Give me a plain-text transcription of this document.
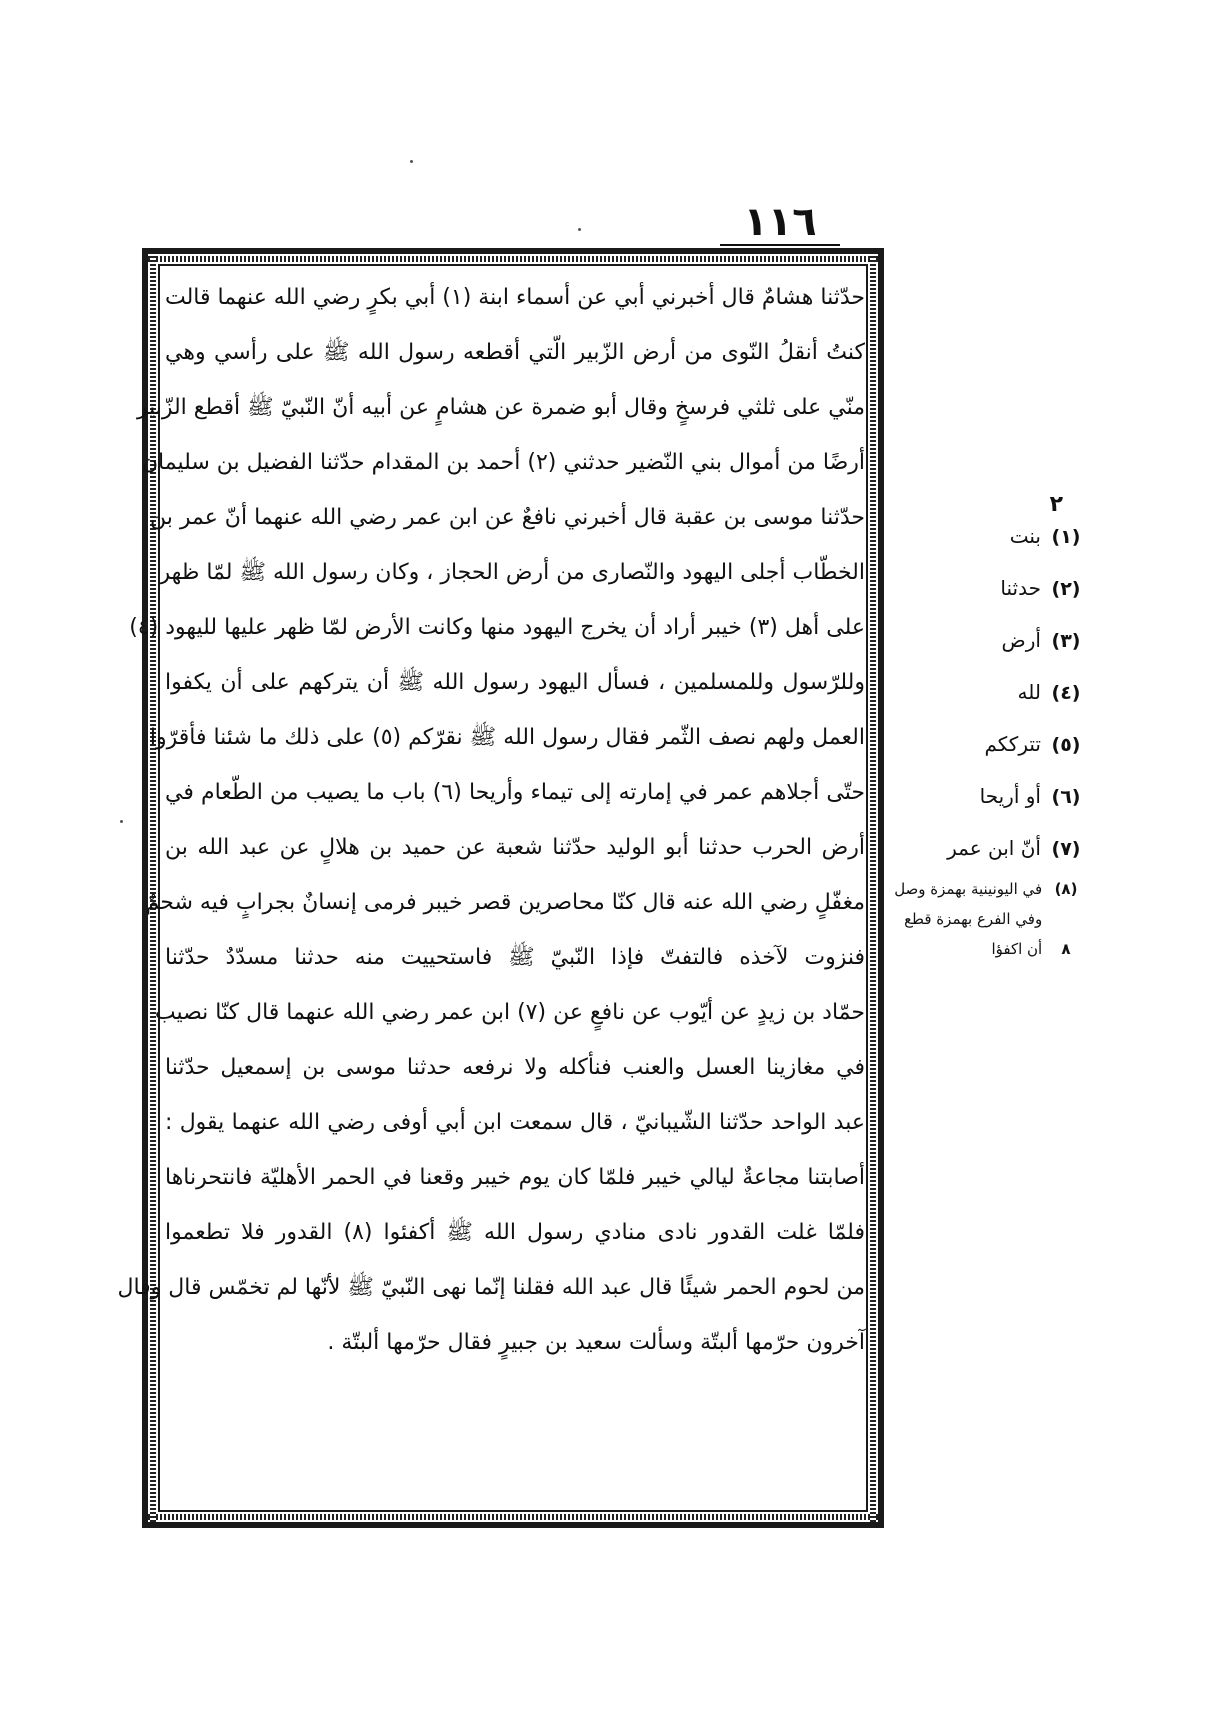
١١٦
حدّثنا هشامٌ قال أخبرني أبي عن أسماء ابنة (١) أبي بكرٍ رضي الله عنهما قالت
كنتُ أنقلُ النّوى من أرض الزّبير الّتي أقطعه رسول الله ﷺ على رأسي وهي
منّي على ثلثي فرسخٍ وقال أبو ضمرة عن هشامٍ عن أبيه أنّ النّبيّ ﷺ أقطع الزّبير
أرضًا من أموال بني النّضير حدثني (٢) أحمد بن المقدام حدّثنا الفضيل بن سليمان
حدّثنا موسى بن عقبة قال أخبرني نافعٌ عن ابن عمر رضي الله عنهما أنّ عمر بن
الخطّاب أجلى اليهود والنّصارى من أرض الحجاز ، وكان رسول الله ﷺ لمّا ظهر
على أهل (٣) خيبر أراد أن يخرج اليهود منها وكانت الأرض لمّا ظهر عليها لليهود (٤)
وللرّسول وللمسلمين ، فسأل اليهود رسول الله ﷺ أن يتركهم على أن يكفوا
العمل ولهم نصف الثّمر فقال رسول الله ﷺ نقرّكم (٥) على ذلك ما شئنا فأقرّوا
حتّى أجلاهم عمر في إمارته إلى تيماء وأريحا (٦) باب ما يصيب من الطّعام في
أرض الحرب حدثنا أبو الوليد حدّثنا شعبة عن حميد بن هلالٍ عن عبد الله بن
مغفّلٍ رضي الله عنه قال كنّا محاصرين قصر خيبر فرمى إنسانٌ بجرابٍ فيه شحمٌ
فنزوت لآخذه فالتفتّ فإذا النّبيّ ﷺ فاستحييت منه حدثنا مسدّدٌ حدّثنا
حمّاد بن زيدٍ عن أيّوب عن نافعٍ عن (٧) ابن عمر رضي الله عنهما قال كنّا نصيب
في مغازينا العسل والعنب فنأكله ولا نرفعه حدثنا موسى بن إسمعيل حدّثنا
عبد الواحد حدّثنا الشّيبانيّ ، قال سمعت ابن أبي أوفى رضي الله عنهما يقول :
أصابتنا مجاعةٌ ليالي خيبر فلمّا كان يوم خيبر وقعنا في الحمر الأهليّة فانتحرناها
فلمّا غلت القدور نادى منادي رسول الله ﷺ أكفئوا (٨) القدور فلا تطعموا
من لحوم الحمر شيئًا قال عبد الله فقلنا إنّما نهى النّبيّ ﷺ لأنّها لم تخمّس قال وقال
آخرون حرّمها ألبتّة وسألت سعيد بن جبيرٍ فقال حرّمها ألبتّة .
٢
(١) بنت
(٢) حدثنا
(٣) أرض
(٤) لله
(٥) تترككم
(٦) أو أريحا
(٧) أنّ ابن عمر
(٨) في اليونينية بهمزة وصل
وفي الفرع بهمزة قطع
٨ أن اكفؤا
